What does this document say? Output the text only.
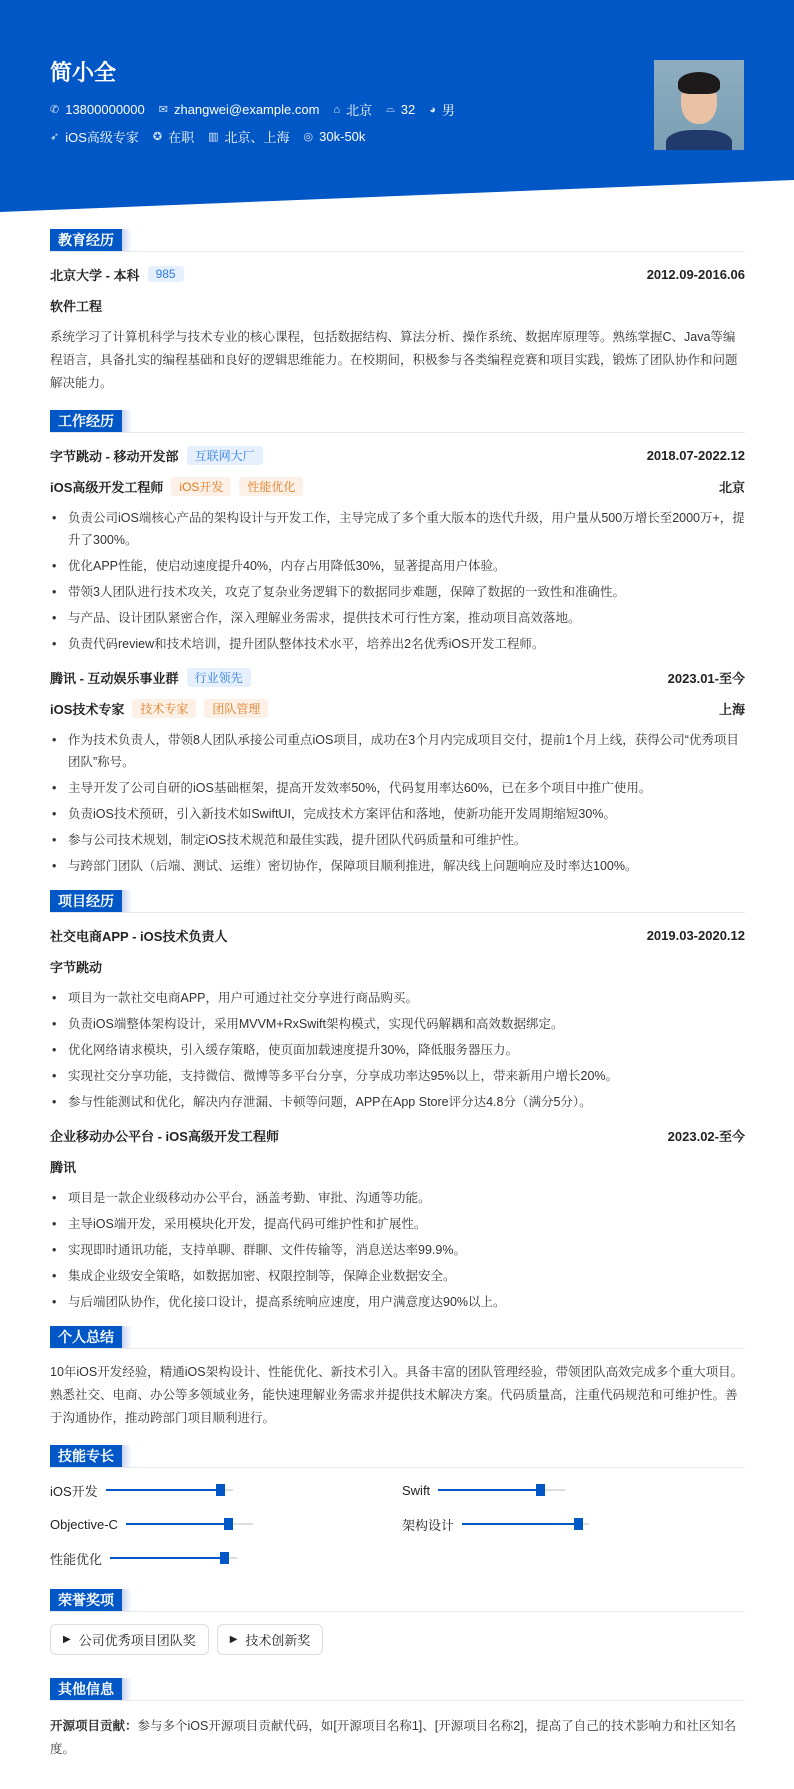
简小全
✆ 13800000000 ✉ zhangwei@example.com ⌂ 北京 ⌓ 32 ◕ 男
➶ iOS高级专家 ✪ 在职 ▥ 北京、上海 ◎ 30k-50k
教育经历
北京大学 - 本科	985	2012.09-2016.06
软件工程

系统学习了计算机科学与技术专业的核心课程，包括数据结构、算法分析、操作系统、数据库原理等。熟练掌握C、Java等编程语言，具备扎实的编程基础和良好的逻辑思维能力。在校期间，积极参与各类编程竞赛和项目实践，锻炼了团队协作和问题解决能力。

工作经历
字节跳动 - 移动开发部	互联网大厂	2018.07-2022.12
iOS高级开发工程师	iOS开发	性能优化	北京
• 负责公司iOS端核心产品的架构设计与开发工作，主导完成了多个重大版本的迭代升级，用户量从500万增长至2000万+，提升了300%。
• 优化APP性能，使启动速度提升40%，内存占用降低30%，显著提高用户体验。
• 带领3人团队进行技术攻关，攻克了复杂业务逻辑下的数据同步难题，保障了数据的一致性和准确性。
• 与产品、设计团队紧密合作，深入理解业务需求，提供技术可行性方案，推动项目高效落地。
• 负责代码review和技术培训，提升团队整体技术水平，培养出2名优秀iOS开发工程师。
腾讯 - 互动娱乐事业群	行业领先	2023.01-至今
iOS技术专家	技术专家	团队管理	上海
• 作为技术负责人，带领8人团队承接公司重点iOS项目，成功在3个月内完成项目交付，提前1个月上线，获得公司“优秀项目团队”称号。
• 主导开发了公司自研的iOS基础框架，提高开发效率50%，代码复用率达60%，已在多个项目中推广使用。
• 负责iOS技术预研，引入新技术如SwiftUI，完成技术方案评估和落地，使新功能开发周期缩短30%。
• 参与公司技术规划，制定iOS技术规范和最佳实践，提升团队代码质量和可维护性。
• 与跨部门团队（后端、测试、运维）密切协作，保障项目顺利推进，解决线上问题响应及时率达100%。
项目经历
社交电商APP - iOS技术负责人	2019.03-2020.12
字节跳动
• 项目为一款社交电商APP，用户可通过社交分享进行商品购买。
• 负责iOS端整体架构设计，采用MVVM+RxSwift架构模式，实现代码解耦和高效数据绑定。
• 优化网络请求模块，引入缓存策略，使页面加载速度提升30%，降低服务器压力。
• 实现社交分享功能，支持微信、微博等多平台分享，分享成功率达95%以上，带来新用户增长20%。
• 参与性能测试和优化，解决内存泄漏、卡顿等问题，APP在App Store评分达4.8分（满分5分）。
企业移动办公平台 - iOS高级开发工程师	2023.02-至今
腾讯
• 项目是一款企业级移动办公平台，涵盖考勤、审批、沟通等功能。
• 主导iOS端开发，采用模块化开发，提高代码可维护性和扩展性。
• 实现即时通讯功能，支持单聊、群聊、文件传输等，消息送达率99.9%。
• 集成企业级安全策略，如数据加密、权限控制等，保障企业数据安全。
• 与后端团队协作，优化接口设计，提高系统响应速度，用户满意度达90%以上。
个人总结

10年iOS开发经验，精通iOS架构设计、性能优化、新技术引入。具备丰富的团队管理经验，带领团队高效完成多个重大项目。熟悉社交、电商、办公等多领域业务，能快速理解业务需求并提供技术解决方案。代码质量高，注重代码规范和可维护性。善于沟通协作，推动跨部门项目顺利进行。

技能专长
iOS开发	Swift
Objective-C	架构设计
性能优化
荣誉奖项
▶ 公司优秀项目团队奖	▶ 技术创新奖
其他信息

开源项目贡献：参与多个iOS开源项目贡献代码，如[开源项目名称1]、[开源项目名称2]，提高了自己的技术影响力和社区知名度。
